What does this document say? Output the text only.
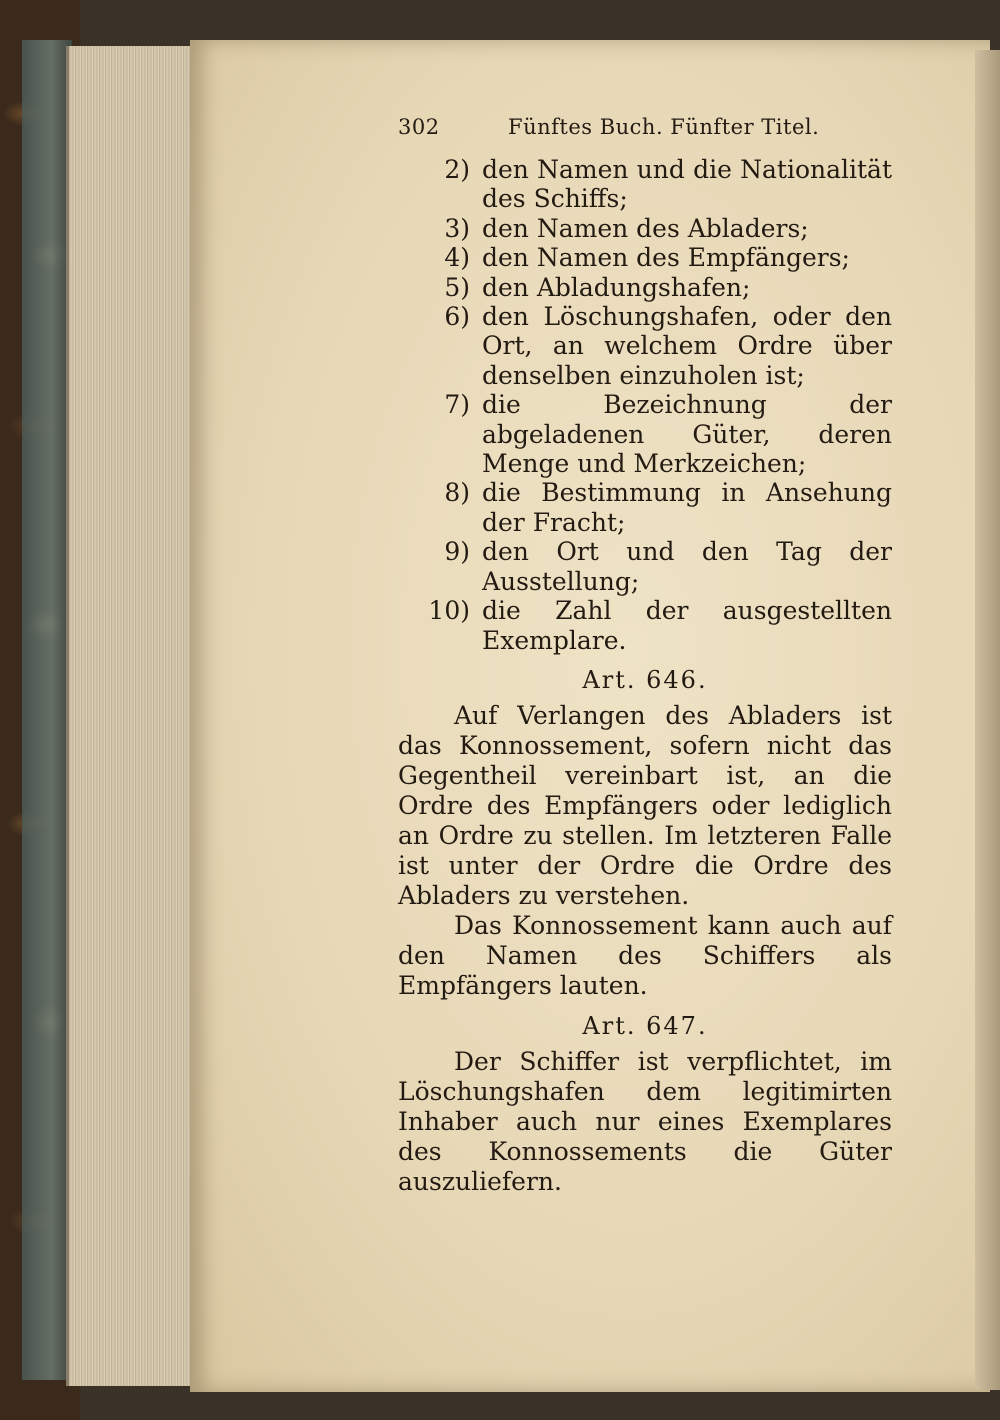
302	Fünftes Buch. Fünfter Titel.
2) den Namen und die Nationalität des Schiffs;
3) den Namen des Abladers;
4) den Namen des Empfängers;
5) den Abladungshafen;
6) den Löschungshafen, oder den Ort, an welchem Ordre über denselben einzuholen ist;
7) die Bezeichnung der abgeladenen Güter, deren Menge und Merkzeichen;
8) die Bestimmung in Ansehung der Fracht;
9) den Ort und den Tag der Ausstellung;
10) die Zahl der ausgestellten Exemplare.
Art. 646.

Auf Verlangen des Abladers ist das Konnossement, sofern nicht das Gegentheil vereinbart ist, an die Ordre des Empfängers oder lediglich an Ordre zu stellen. Im letzteren Falle ist unter der Ordre die Ordre des Abladers zu verstehen.

Das Konnossement kann auch auf den Namen des Schiffers als Empfängers lauten.

Art. 647.

Der Schiffer ist verpflichtet, im Löschungshafen dem legitimirten Inhaber auch nur eines Exemplares des Konnossements die Güter auszuliefern.
